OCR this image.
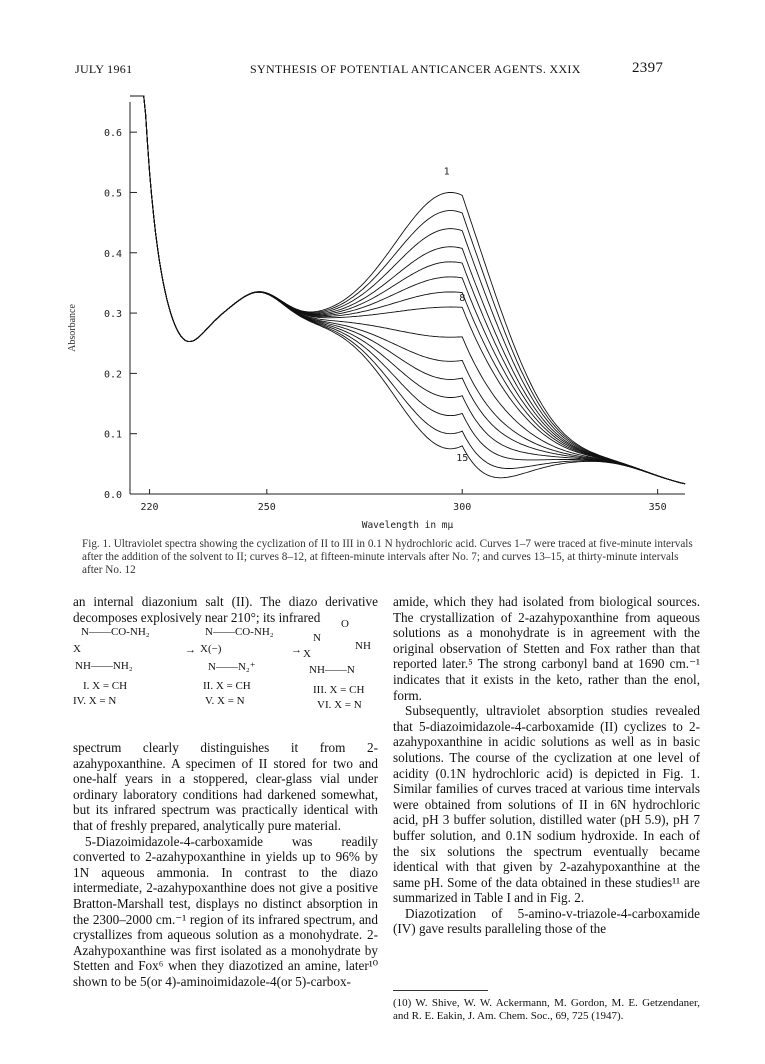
JULY 1961	SYNTHESIS OF POTENTIAL ANTICANCER AGENTS. XXIX	2397
0.0
0.1
0.2
0.3
0.4
0.5
0.6
220	250	300	350
Wavelength in mμ
Absorbance
1
8
15
Fig. 1. Ultraviolet spectra showing the cyclization of II to III in 0.1 N hydrochloric acid. Curves 1–7 were traced at five-minute intervals after the addition of the solvent to II; curves 8–12, at fifteen-minute intervals after No. 7; and curves 13–15, at thirty-minute intervals after No. 12

an internal diazonium salt (II). The diazo derivative decomposes explosively near 210°; its infrared

N——CO-NH₂
X
NH——NH₂
I. X = CH
IV. X = N
→
N——CO-NH₂
X(−)
N——N₂⁺
II. X = CH
V. X = N
→
O
N
NH
X
NH——N
III. X = CH
VI. X = N

spectrum clearly distinguishes it from 2-azahypoxanthine. A specimen of II stored for two and one-half years in a stoppered, clear-glass vial under ordinary laboratory conditions had darkened somewhat, but its infrared spectrum was practically identical with that of freshly prepared, analytically pure material.

5-Diazoimidazole-4-carboxamide was readily converted to 2-azahypoxanthine in yields up to 96% by 1N aqueous ammonia. In contrast to the diazo intermediate, 2-azahypoxanthine does not give a positive Bratton-Marshall test, displays no distinct absorption in the 2300–2000 cm.⁻¹ region of its infrared spectrum, and crystallizes from aqueous solution as a monohydrate. 2-Azahypoxanthine was first isolated as a monohydrate by Stetten and Fox⁶ when they diazotized an amine, later¹⁰ shown to be 5(or 4)-aminoimidazole-4(or 5)-carbox-

amide, which they had isolated from biological sources. The crystallization of 2-azahypoxanthine from aqueous solutions as a monohydrate is in agreement with the original observation of Stetten and Fox rather than that reported later.⁵ The strong carbonyl band at 1690 cm.⁻¹ indicates that it exists in the keto, rather than the enol, form.

Subsequently, ultraviolet absorption studies revealed that 5-diazoimidazole-4-carboxamide (II) cyclizes to 2-azahypoxanthine in acidic solutions as well as in basic solutions. The course of the cyclization at one level of acidity (0.1N hydrochloric acid) is depicted in Fig. 1. Similar families of curves traced at various time intervals were obtained from solutions of II in 6N hydrochloric acid, pH 3 buffer solution, distilled water (pH 5.9), pH 7 buffer solution, and 0.1N sodium hydroxide. In each of the six solutions the spectrum eventually became identical with that given by 2-azahypoxanthine at the same pH. Some of the data obtained in these studies¹¹ are summarized in Table I and in Fig. 2.

Diazotization of 5-amino-v-triazole-4-carboxamide (IV) gave results paralleling those of the

(10) W. Shive, W. W. Ackermann, M. Gordon, M. E. Getzendaner, and R. E. Eakin, J. Am. Chem. Soc., 69, 725 (1947).
